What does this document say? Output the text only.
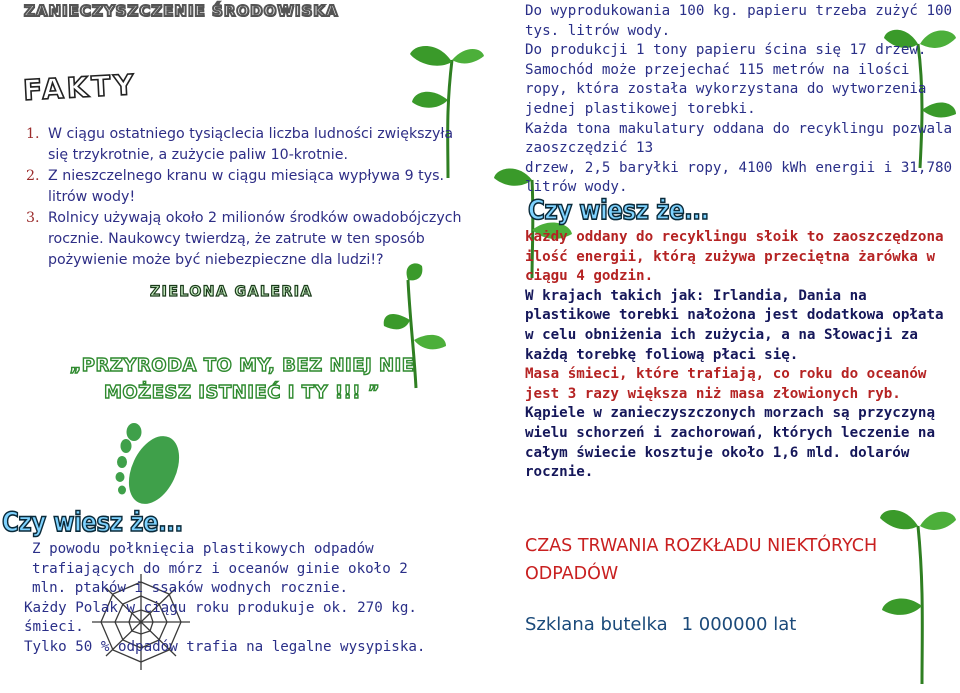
ZANIECZYSZCZENIE ŚRODOWISKA
FAKTY
1. W ciągu ostatniego tysiąclecia liczba ludności zwiększyła się trzykrotnie, a zużycie paliw 10-krotnie.
2. Z nieszczelnego kranu w ciągu miesiąca wypływa 9 tys. litrów wody!
3. Rolnicy używają około 2 milionów środków owadobójczych rocznie. Naukowcy twierdzą, że zatrute w ten sposób pożywienie może być niebezpieczne dla ludzi!?
ZIELONA GALERIA
„PRZYRODA TO MY, BEZ NIEJ NIE MOŻESZ ISTNIEĆ I TY !!! ”
Czy wiesz że...

Z powodu połknięcia plastikowych odpadów trafiających do mórz i oceanów ginie około 2 mln. ptaków i ssaków wodnych rocznie.

Każdy Polak w ciągu roku produkuje ok. 270 kg. śmieci.

Tylko 50 % odpadów trafia na legalne wysypiska.

Do wyprodukowania 100 kg. papieru trzeba zużyć 100 tys. litrów wody.

Do produkcji 1 tony papieru ścina się 17 drzew.

Samochód może przejechać 115 metrów na ilości ropy, która została wykorzystana do wytworzenia jednej plastikowej torebki.

Każda tona makulatury oddana do recyklingu pozwala zaoszczędzić 13

drzew, 2,5 baryłki ropy, 4100 kWh energii i 31,780 litrów wody.

Czy wiesz że...

każdy oddany do recyklingu słoik to zaoszczędzona ilość energii, którą zużywa przeciętna żarówka w ciągu 4 godzin.

W krajach takich jak: Irlandia, Dania na plastikowe torebki nałożona jest dodatkowa opłata w celu obniżenia ich zużycia, a na Słowacji za każdą torebkę foliową płaci się.

Masa śmieci, które trafiają, co roku do oceanów jest 3 razy większa niż masa złowionych ryb.

Kąpiele w zanieczyszczonych morzach są przyczyną wielu schorzeń i zachorowań, których leczenie na całym świecie kosztuje około 1,6 mld. dolarów rocznie.

CZAS TRWANIA ROZKŁADU NIEKTÓRYCH ODPADÓW
Szklana butelka 1 000000 lat
